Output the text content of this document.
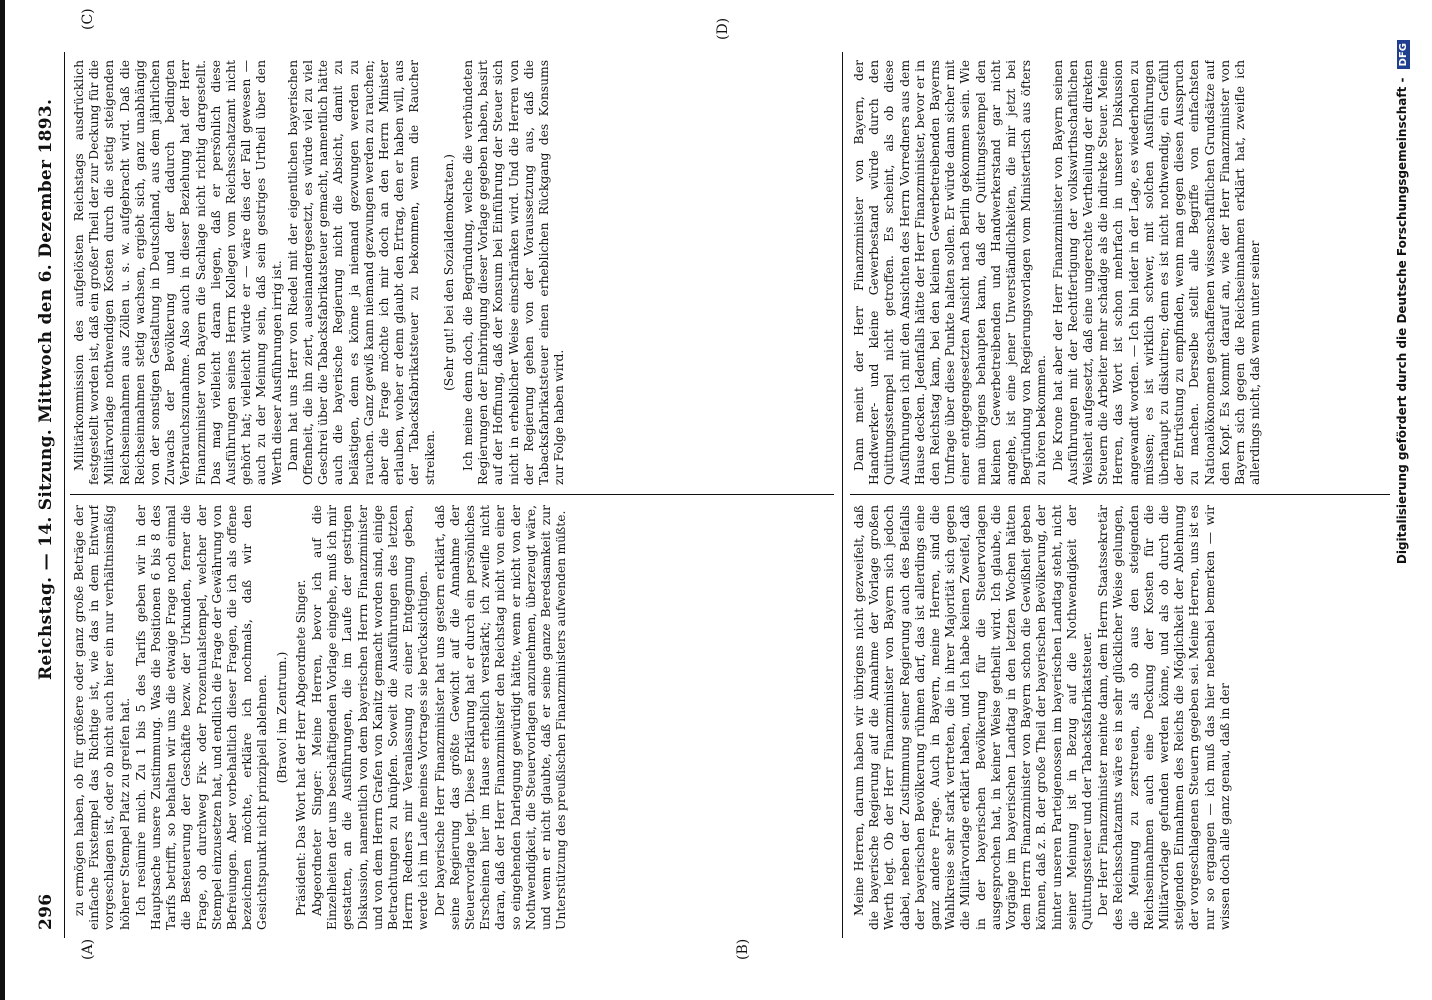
296
Reichstag. — 14. Sitzung. Mittwoch den 6. Dezember 1893.
(A)	(B)
(C)	(D)

zu ermögen haben, ob für größere oder ganz große Beträge der einfache Fixstempel das Richtige ist, wie das in dem Entwurf vorgeschlagen ist, oder ob nicht auch hier ein nur verhältnismäßig höherer Stempel Platz zu greifen hat. Ich resümire mich. Zu 1 bis 5 des Tarifs geben wir in der Hauptsache unsere Zustimmung. Was die Positionen 6 bis 8 des Tarifs betrifft, so behalten wir uns die etwaige Frage noch einmal die Besteuerung der Geschäfte bezw. der Urkunden, ferner die Frage, ob durchweg Fix- oder Prozentualstempel, welcher der Stempel einzusetzen hat, und endlich die Frage der Gewährung von Befreiungen. Aber vorbehaltlich dieser Fragen, die ich als offene bezeichnen möchte, erkläre ich nochmals, daß wir den Gesichtspunkt nicht prinzipiell ablehnen. (Bravo! im Zentrum.) Präsident: Das Wort hat der Herr Abgeordnete Singer. Abgeordneter Singer: Meine Herren, bevor ich auf die Einzelheiten der uns beschäftigenden Vorlage eingehe, muß ich mir gestatten, an die Ausführungen, die im Laufe der gestrigen Diskussion, namentlich von dem bayerischen Herrn Finanzminister und von dem Herrn Grafen von Kanitz gemacht worden sind, einige Betrachtungen zu knüpfen. Soweit die Ausführungen des letzten Herrn Redners mir Veranlassung zu einer Entgegnung geben, werde ich im Laufe meines Vortrages sie berücksichtigen. Der bayerische Herr Finanzminister hat uns gestern erklärt, daß seine Regierung das größte Gewicht auf die Annahme der Steuervorlage legt. Diese Erklärung hat er durch ein persönliches Erscheinen hier im Hause erheblich verstärkt; ich zweifle nicht daran, daß der Herr Finanzminister den Reichstag nicht von einer so eingehenden Darlegung gewürdigt hätte, wenn er nicht von der Nothwendigkeit, die Steuervorlagen anzunehmen, überzeugt wäre, und wenn er nicht glaubte, daß er seine ganze Beredsamkeit zur Unterstützung des preußischen Finanzministers aufwenden müßte.

Militärkommission des aufgelösten Reichstags ausdrücklich festgestellt worden ist, daß ein großer Theil der zur Deckung für die Militärvorlage nothwendigen Kosten durch die stetig steigenden Reichseinnahmen aus Zöllen u. s. w. aufgebracht wird. Daß die Reichseinnahmen stetig wachsen, ergiebt sich, ganz unabhängig von der sonstigen Gestaltung in Deutschland, aus dem jährlichen Zuwachs der Bevölkerung und der dadurch bedingten Verbrauchszunahme. Also auch in dieser Beziehung hat der Herr Finanzminister von Bayern die Sachlage nicht richtig dargestellt. Das mag vielleicht daran liegen, daß er persönlich diese Ausführungen seines Herrn Kollegen vom Reichsschatzamt nicht gehört hat; vielleicht würde er — wäre dies der Fall gewesen — auch zu der Meinung sein, daß sein gestriges Urtheil über den Werth dieser Ausführungen irrig ist. Dann hat uns Herr von Riedel mit der eigentlichen bayerischen Offenheit, die ihn ziert, auseinandergesetzt, es würde viel zu viel Geschrei über die Tabacksfabrikatsteuer gemacht, namentlich hätte auch die bayerische Regierung nicht die Absicht, damit zu belästigen, denn es könne ja niemand gezwungen werden zu rauchen. Ganz gewiß kann niemand gezwungen werden zu rauchen; aber die Frage möchte ich mir doch an den Herrn Minister erlauben, woher er denn glaubt den Ertrag, den er haben will, aus der Tabacksfabrikatsteuer zu bekommen, wenn die Raucher streiken.

(Sehr gut! bei den Sozialdemokraten.) Ich meine denn doch, die Begründung, welche die verbündeten Regierungen der Einbringung dieser Vorlage gegeben haben, basirt auf der Hoffnung, daß der Konsum bei Einführung der Steuer sich nicht in erheblicher Weise einschränken wird. Und die Herren von der Regierung gehen von der Voraussetzung aus, daß die Tabacksfabrikatsteuer einen erheblichen Rückgang des Konsums zur Folge haben wird.

Meine Herren, darum haben wir übrigens nicht gezweifelt, daß die bayerische Regierung auf die Annahme der Vorlage großen Werth legt. Ob der Herr Finanzminister von Bayern sich jedoch dabei, neben der Zustimmung seiner Regierung auch des Beifalls der bayerischen Bevölkerung rühmen darf, das ist allerdings eine ganz andere Frage. Auch in Bayern, meine Herren, sind die Wahlkreise sehr stark vertreten, die in ihrer Majorität sich gegen die Militärvorlage erklärt haben, und ich habe keinen Zweifel, daß in der bayerischen Bevölkerung für die Steuervorlagen ausgesprochen hat, in keiner Weise getheilt wird. Ich glaube, die Vorgänge im bayerischen Landtag in den letzten Wochen hätten dem Herrn Finanzminister von Bayern schon die Gewißheit geben können, daß z. B. der große Theil der bayerischen Bevölkerung, der hinter unseren Parteigenossen im bayerischen Landtag steht, nicht seiner Meinung ist in Bezug auf die Nothwendigkeit der Quittungssteuer und der Tabacksfabrikatsteuer. Der Herr Finanzminister meinte dann, dem Herrn Staatssekretär des Reichsschatzamts wäre es in sehr glücklicher Weise gelungen, die Meinung zu zerstreuen, als ob aus den steigenden Reichseinnahmen auch eine Deckung der Kosten für die Militärvorlage gefunden werden könne, und als ob durch die steigenden Einnahmen des Reichs die Möglichkeit der Ablehnung der vorgeschlagenen Steuern gegeben sei. Meine Herren, uns ist es nur so ergangen — ich muß das hier nebenbei bemerken — wir wissen doch alle ganz genau, daß in der

Dann meint der Herr Finanzminister von Bayern, der Handwerker- und kleine Gewerbestand würde durch den Quittungsstempel nicht getroffen. Es scheint, als ob diese Ausführungen ich mit den Ansichten des Herrn Vorredners aus dem Hause decken. Jedenfalls hätte der Herr Finanzminister, bevor er in den Reichstag kam, bei den kleinen Gewerbetreibenden Bayerns Umfrage über diese Punkte halten sollen. Er würde dann sicher mit einer entgegengesetzten Ansicht nach Berlin gekommen sein. Wie man übrigens behaupten kann, daß der Quittungsstempel den kleinen Gewerbetreibenden und Handwerkerstand gar nicht angehe, ist eine jener Unverständlichkeiten, die mir jetzt bei Begründung von Regierungsvorlagen vom Ministertisch aus öfters zu hören bekommen. Die Krone hat aber der Herr Finanzminister von Bayern seinen Ausführungen mit der Rechtfertigung der volkswirthschaftlichen Weisheit aufgesetzt, daß eine ungerechte Vertheilung der direkten Steuern die Arbeiter mehr schädige als die indirekte Steuer. Meine Herren, das Wort ist schon mehrfach in unserer Diskussion angewandt worden. — Ich bin leider in der Lage, es wiederholen zu müssen; es ist wirklich schwer, mit solchen Ausführungen überhaupt zu diskutiren; denn es ist nicht nothwendig, ein Gefühl der Entrüstung zu empfinden, wenn man gegen diesen Ausspruch zu machen. Derselbe stellt alle Begriffe von einfachsten Nationalökonomen geschaffenen wissenschaftlichen Grundsätze auf den Kopf. Es kommt darauf an, wie der Herr Finanzminister von Bayern sich gegen die Reichseinnahmen erklärt hat, zweifle ich allerdings nicht, daß wenn unter seiner	Digitalisierung gefördert durch die Deutsche Forschungsgemeinschaft - DFG
